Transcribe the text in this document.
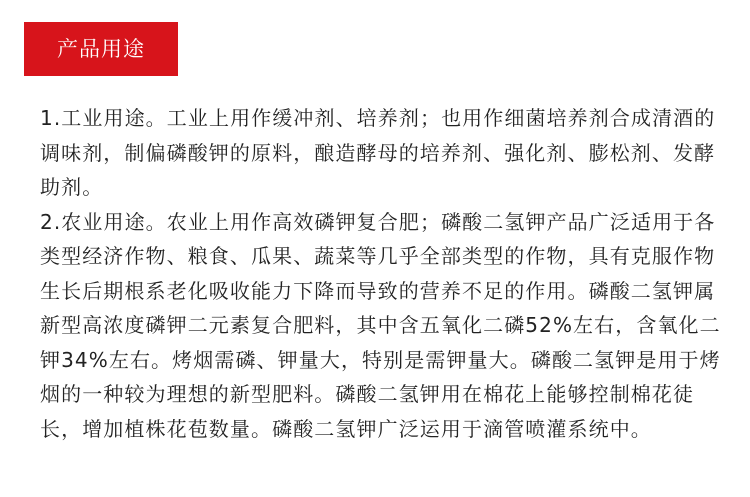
产品用途

1.工业用途。工业上用作缓冲剂、培养剂；也用作细菌培养剂合成清酒的调味剂，制偏磷酸钾的原料，酿造酵母的培养剂、强化剂、膨松剂、发酵助剂。

2.农业用途。农业上用作高效磷钾复合肥；磷酸二氢钾产品广泛适用于各类型经济作物、粮食、瓜果、蔬菜等几乎全部类型的作物，具有克服作物生长后期根系老化吸收能力下降而导致的营养不足的作用。磷酸二氢钾属新型高浓度磷钾二元素复合肥料，其中含五氧化二磷52%左右，含氧化二钾34%左右。烤烟需磷、钾量大，特别是需钾量大。磷酸二氢钾是用于烤烟的一种较为理想的新型肥料。磷酸二氢钾用在棉花上能够控制棉花徒长，增加植株花苞数量。磷酸二氢钾广泛运用于滴管喷灌系统中。
